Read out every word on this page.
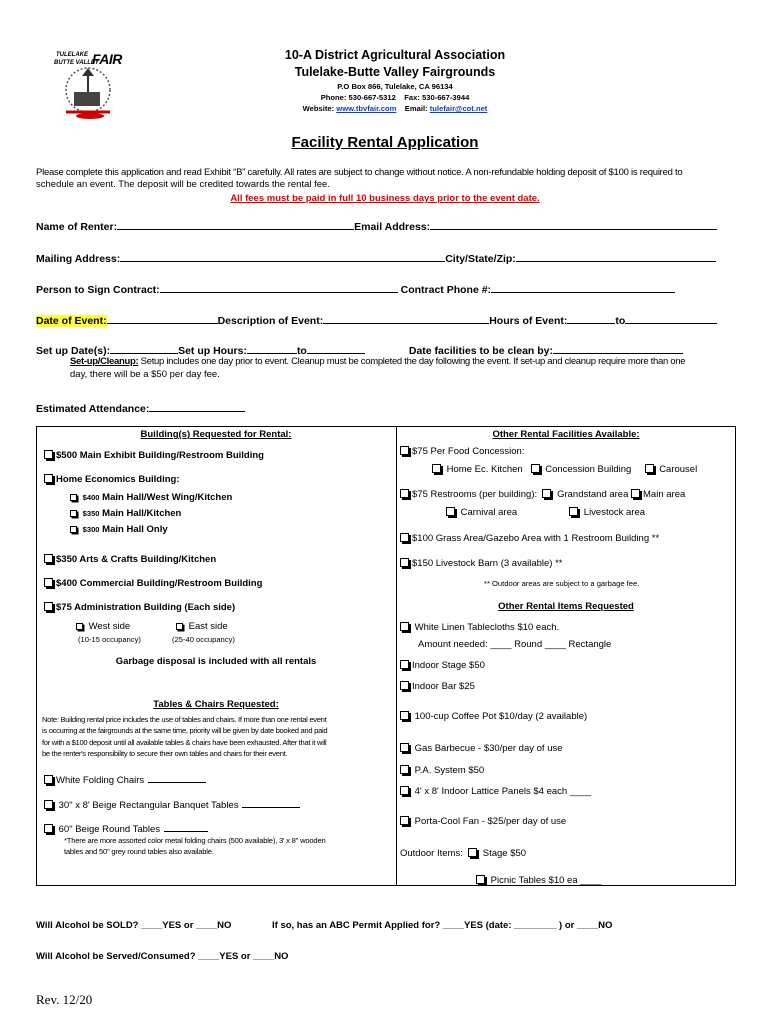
TULELAKE
BUTTE VALLEY
FAIR	10-A District Agricultural Association
Tulelake-Butte Valley Fairgrounds
P.O Box 866, Tulelake, CA 96134
Phone: 530-667-5312 Fax: 530-667-3944
Website: www.tbvfair.com Email: tulefair@cot.net
Facility Rental Application
Please complete this application and read Exhibit “B” carefully. All rates are subject to change without notice. A non-refundable holding deposit of $100 is required to
schedule an event. The deposit will be credited towards the rental fee.
All fees must be paid in full 10 business days prior to the event date.
Name of Renter:	Email Address:
Mailing Address:	City/State/Zip:
Person to Sign Contract:	Contract Phone #:
Date of Event:	Description of Event:	Hours of Event:	to
Set up Date(s):	Set up Hours:	to	Date facilities to be clean by:
Set-up/Cleanup: Setup includes one day prior to event. Cleanup must be completed the day following the event. If set-up and cleanup require more than one
day, there will be a $50 per day fee.
Estimated Attendance:
Building(s) Requested for Rental:
$500 Main Exhibit Building/Restroom Building
Home Economics Building:
$400 Main Hall/West Wing/Kitchen
$350 Main Hall/Kitchen
$300 Main Hall Only
$350 Arts & Crafts Building/Kitchen
$400 Commercial Building/Restroom Building
$75 Administration Building (Each side)
West side
(10-15 occupancy)
East side
(25-40 occupancy)
Garbage disposal is included with all rentals
Tables & Chairs Requested:
Note: Building rental price includes the use of tables and chairs. If more than one rental event
is occurring at the fairgrounds at the same time, priority will be given by date booked and paid
for with a $100 deposit until all available tables & chairs have been exhausted. After that it will
be the renter's responsibility to secure their own tables and chairs for their event.
White Folding Chairs
30" x 8' Beige Rectangular Banquet Tables
60" Beige Round Tables
*There are more assorted color metal folding chairs (500 available), 3' x 8" wooden
tables and 50" grey round tables also available.
Other Rental Facilities Available:
$75 Per Food Concession:
Home Ec. Kitchen Concession Building	Carousel
$75 Restrooms (per building): Grandstand area Main area
Carnival area	Livestock area
$100 Grass Area/Gazebo Area with 1 Restroom Building **
$150 Livestock Barn (3 available) **
** Outdoor areas are subject to a garbage fee.
Other Rental Items Requested
White Linen Tablecloths $10 each.
Amount needed: ____ Round ____ Rectangle
Indoor Stage $50
Indoor Bar $25
100-cup Coffee Pot $10/day (2 available)
Gas Barbecue - $30/per day of use
P.A. System $50
4' x 8' Indoor Lattice Panels $4 each ____
Porta-Cool Fan - $25/per day of use
Outdoor Items: Stage $50
Picnic Tables $10 ea ____
Will Alcohol be SOLD? ____YES or ____NO	If so, has an ABC Permit Applied for? ____YES (date: ________ ) or ____NO
Will Alcohol be Served/Consumed? ____YES or ____NO
Rev. 12/20
